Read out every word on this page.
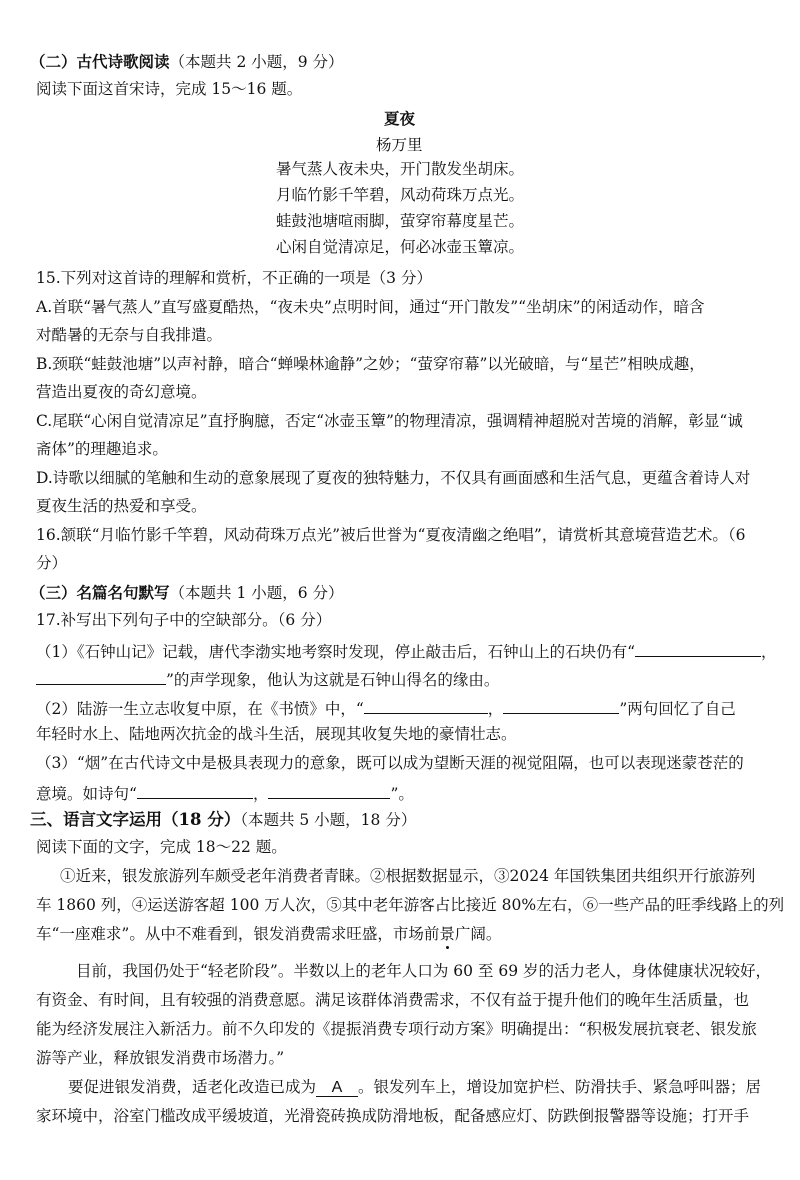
（二）古代诗歌阅读（本题共 2 小题，9 分）
阅读下面这首宋诗，完成 15～16 题。
夏夜
杨万里
暑气蒸人夜未央，开门散发坐胡床。
月临竹影千竿碧，风动荷珠万点光。
蛙鼓池塘喧雨脚，萤穿帘幕度星芒。
心闲自觉清凉足，何必冰壶玉簟凉。
15.下列对这首诗的理解和赏析，不正确的一项是（3 分）
A.首联“暑气蒸人”直写盛夏酷热，“夜未央”点明时间，通过“开门散发”“坐胡床”的闲适动作，暗含
对酷暑的无奈与自我排遣。
B.颈联“蛙鼓池塘”以声衬静，暗合“蝉噪林逾静”之妙；“萤穿帘幕”以光破暗，与“星芒”相映成趣，
营造出夏夜的奇幻意境。
C.尾联“心闲自觉清凉足”直抒胸臆，否定“冰壶玉簟”的物理清凉，强调精神超脱对苦境的消解，彰显“诚
斋体”的理趣追求。
D.诗歌以细腻的笔触和生动的意象展现了夏夜的独特魅力，不仅具有画面感和生活气息，更蕴含着诗人对
夏夜生活的热爱和享受。
16.颔联“月临竹影千竿碧，风动荷珠万点光”被后世誉为“夏夜清幽之绝唱”，请赏析其意境营造艺术。（6
分）
（三）名篇名句默写（本题共 1 小题，6 分）
17.补写出下列句子中的空缺部分。（6 分）
（1）《石钟山记》记载，唐代李渤实地考察时发现，停止敲击后，石钟山上的石块仍有“	，
”的声学现象，他认为这就是石钟山得名的缘由。
（2）陆游一生立志收复中原，在《书愤》中，“	，	”两句回忆了自己
年轻时水上、陆地两次抗金的战斗生活，展现其收复失地的豪情壮志。
（3）“烟”在古代诗文中是极具表现力的意象，既可以成为望断天涯的视觉阻隔，也可以表现迷蒙苍茫的
意境。如诗句“	，	”。
三、语言文字运用（18 分）（本题共 5 小题，18 分）
阅读下面的文字，完成 18～22 题。
①近来，银发旅游列车颇受老年消费者青睐。②根据数据显示，③2024 年国铁集团共组织开行旅游列
车 1860 列，④运送游客超 100 万人次，⑤其中老年游客占比接近 80%左右，⑥一些产品的旺季线路上的列
车“一座难求”。从中不难看到，银发消费需求旺盛，市场前景广阔。
目前，我国仍处于“轻老阶段”。半数以上的老年人口为 60 至 69 岁的活力老人，身体健康状况较好，
有资金、有时间，且有较强的消费意愿。满足该群体消费需求，不仅有益于提升他们的晚年生活质量，也
能为经济发展注入新活力。前不久印发的《提振消费专项行动方案》明确提出：“积极发展抗衰老、银发旅
游等产业，释放银发消费市场潜力。”
要促进银发消费，适老化改造已成为 A 。银发列车上，增设加宽护栏、防滑扶手、紧急呼叫器；居
家环境中，浴室门槛改成平缓坡道，光滑瓷砖换成防滑地板，配备感应灯、防跌倒报警器等设施；打开手
